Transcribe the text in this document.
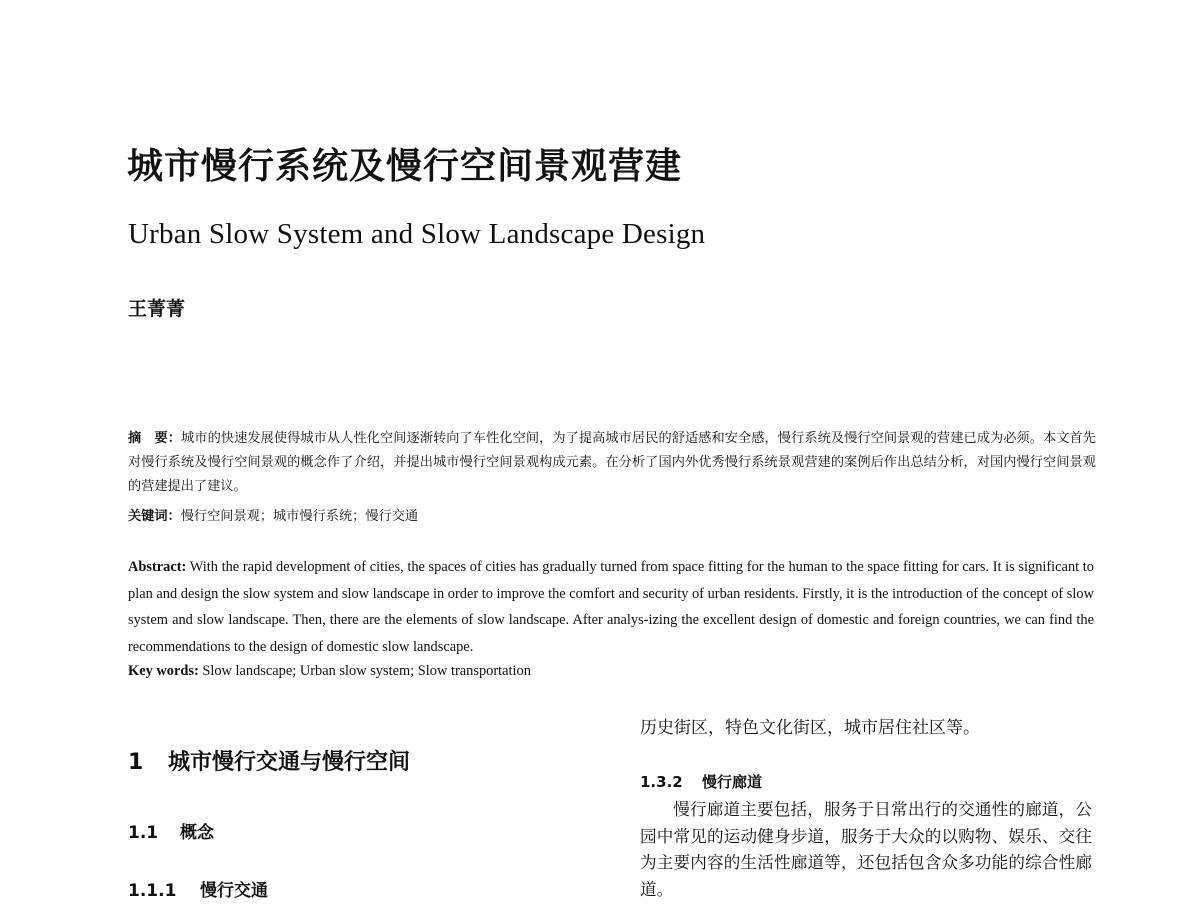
城市慢行系统及慢行空间景观营建
Urban Slow System and Slow Landscape Design
王菁菁
摘　要：城市的快速发展使得城市从人性化空间逐渐转向了车性化空间，为了提高城市居民的舒适感和安全感，慢行系统及慢行空间景观的营建已成为必须。本文首先对慢行系统及慢行空间景观的概念作了介绍，并提出城市慢行空间景观构成元素。在分析了国内外优秀慢行系统景观营建的案例后作出总结分析，对国内慢行空间景观的营建提出了建议。
关键词：慢行空间景观；城市慢行系统；慢行交通
Abstract: With the rapid development of cities, the spaces of cities has gradually turned from space fitting for the human to the space fitting for cars. It is significant to plan and design the slow system and slow landscape in order to improve the comfort and security of urban residents. Firstly, it is the introduction of the concept of slow system and slow landscape. Then, there are the elements of slow landscape. After analys-izing the excellent design of domestic and foreign countries, we can find the recommendations to the design of domestic slow landscape.
Key words: Slow landscape; Urban slow system; Slow transportation
1 城市慢行交通与慢行空间
1.1 概念
1.1.1 慢行交通
历史街区，特色文化街区，城市居住社区等。
1.3.2 慢行廊道
慢行廊道主要包括，服务于日常出行的交通性的廊道，公园中常见的运动健身步道，服务于大众的以购物、娱乐、交往为主要内容的生活性廊道等，还包括包含众多功能的综合性廊道。
